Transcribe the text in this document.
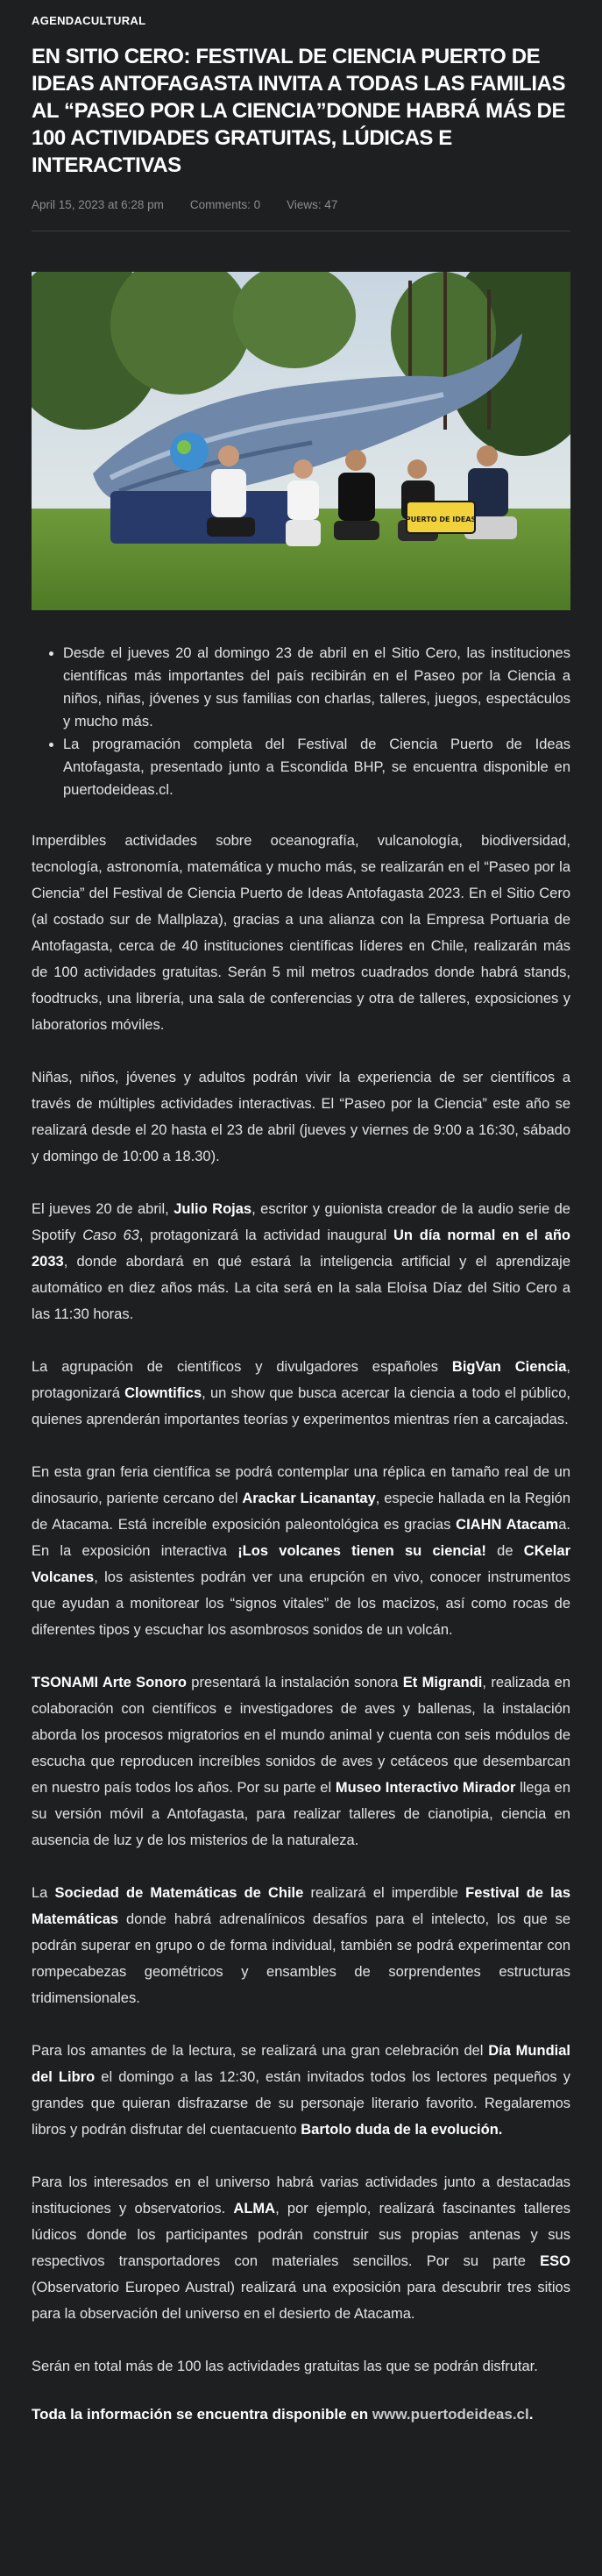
AGENDACULTURAL
EN SITIO CERO: FESTIVAL DE CIENCIA PUERTO DE IDEAS ANTOFAGASTA INVITA A TODAS LAS FAMILIAS AL “PASEO POR LA CIENCIA”DONDE HABRÁ MÁS DE 100 ACTIVIDADES GRATUITAS, LÚDICAS E INTERACTIVAS
April 15, 2023 at 6:28 pm Comments: 0 Views: 47
PUERTO DE IDEAS
• Desde el jueves 20 al domingo 23 de abril en el Sitio Cero, las instituciones científicas más importantes del país recibirán en el Paseo por la Ciencia a niños, niñas, jóvenes y sus familias con charlas, talleres, juegos, espectáculos y mucho más.
• La programación completa del Festival de Ciencia Puerto de Ideas Antofagasta, presentado junto a Escondida BHP, se encuentra disponible en puertodeideas.cl.

Imperdibles actividades sobre oceanografía, vulcanología, biodiversidad, tecnología, astronomía, matemática y mucho más, se realizarán en el “Paseo por la Ciencia” del Festival de Ciencia Puerto de Ideas Antofagasta 2023. En el Sitio Cero (al costado sur de Mallplaza), gracias a una alianza con la Empresa Portuaria de Antofagasta, cerca de 40 instituciones científicas líderes en Chile, realizarán más de 100 actividades gratuitas. Serán 5 mil metros cuadrados donde habrá stands, foodtrucks, una librería, una sala de conferencias y otra de talleres, exposiciones y laboratorios móviles.

Niñas, niños, jóvenes y adultos podrán vivir la experiencia de ser científicos a través de múltiples actividades interactivas. El “Paseo por la Ciencia” este año se realizará desde el 20 hasta el 23 de abril (jueves y viernes de 9:00 a 16:30, sábado y domingo de 10:00 a 18.30).

El jueves 20 de abril, Julio Rojas, escritor y guionista creador de la audio serie de Spotify Caso 63, protagonizará la actividad inaugural Un día normal en el año 2033, donde abordará en qué estará la inteligencia artificial y el aprendizaje automático en diez años más. La cita será en la sala Eloísa Díaz del Sitio Cero a las 11:30 horas.

La agrupación de científicos y divulgadores españoles BigVan Ciencia, protagonizará Clowntifics, un show que busca acercar la ciencia a todo el público, quienes aprenderán importantes teorías y experimentos mientras ríen a carcajadas.

En esta gran feria científica se podrá contemplar una réplica en tamaño real de un dinosaurio, pariente cercano del Arackar Licanantay, especie hallada en la Región de Atacama. Está increíble exposición paleontológica es gracias CIAHN Atacama. En la exposición interactiva ¡Los volcanes tienen su ciencia! de CKelar Volcanes, los asistentes podrán ver una erupción en vivo, conocer instrumentos que ayudan a monitorear los “signos vitales” de los macizos, así como rocas de diferentes tipos y escuchar los asombrosos sonidos de un volcán.

TSONAMI Arte Sonoro presentará la instalación sonora Et Migrandi, realizada en colaboración con científicos e investigadores de aves y ballenas, la instalación aborda los procesos migratorios en el mundo animal y cuenta con seis módulos de escucha que reproducen increíbles sonidos de aves y cetáceos que desembarcan en nuestro país todos los años. Por su parte el Museo Interactivo Mirador llega en su versión móvil a Antofagasta, para realizar talleres de cianotipia, ciencia en ausencia de luz y de los misterios de la naturaleza.

La Sociedad de Matemáticas de Chile realizará el imperdible Festival de las Matemáticas donde habrá adrenalínicos desafíos para el intelecto, los que se podrán superar en grupo o de forma individual, también se podrá experimentar con rompecabezas geométricos y ensambles de sorprendentes estructuras tridimensionales.

Para los amantes de la lectura, se realizará una gran celebración del Día Mundial del Libro el domingo a las 12:30, están invitados todos los lectores pequeños y grandes que quieran disfrazarse de su personaje literario favorito. Regalaremos libros y podrán disfrutar del cuentacuento Bartolo duda de la evolución.

Para los interesados en el universo habrá varias actividades junto a destacadas instituciones y observatorios. ALMA, por ejemplo, realizará fascinantes talleres lúdicos donde los participantes podrán construir sus propias antenas y sus respectivos transportadores con materiales sencillos. Por su parte ESO (Observatorio Europeo Austral) realizará una exposición para descubrir tres sitios para la observación del universo en el desierto de Atacama.

Serán en total más de 100 las actividades gratuitas las que se podrán disfrutar.

Toda la información se encuentra disponible en www.puertodeideas.cl.
